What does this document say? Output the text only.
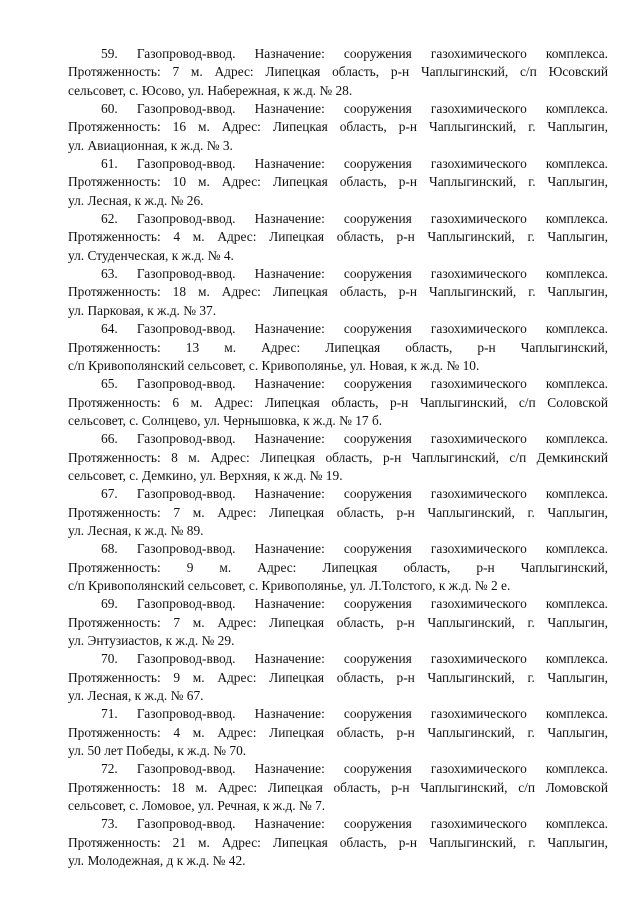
59. Газопровод-ввод. Назначение: сооружения газохимического комплекса.
Протяженность: 7 м. Адрес: Липецкая область, р-н Чаплыгинский, с/п Юсовский
сельсовет, с. Юсово, ул. Набережная, к ж.д. № 28.
60. Газопровод-ввод. Назначение: сооружения газохимического комплекса.
Протяженность: 16 м. Адрес: Липецкая область, р-н Чаплыгинский, г. Чаплыгин,
ул. Авиационная, к ж.д. № 3.
61. Газопровод-ввод. Назначение: сооружения газохимического комплекса.
Протяженность: 10 м. Адрес: Липецкая область, р-н Чаплыгинский, г. Чаплыгин,
ул. Лесная, к ж.д. № 26.
62. Газопровод-ввод. Назначение: сооружения газохимического комплекса.
Протяженность: 4 м. Адрес: Липецкая область, р-н Чаплыгинский, г. Чаплыгин,
ул. Студенческая, к ж.д. № 4.
63. Газопровод-ввод. Назначение: сооружения газохимического комплекса.
Протяженность: 18 м. Адрес: Липецкая область, р-н Чаплыгинский, г. Чаплыгин,
ул. Парковая, к ж.д. № 37.
64. Газопровод-ввод. Назначение: сооружения газохимического комплекса.
Протяженность: 13 м. Адрес: Липецкая область, р-н Чаплыгинский,
с/п Кривополянский сельсовет, с. Кривополянье, ул. Новая, к ж.д. № 10.
65. Газопровод-ввод. Назначение: сооружения газохимического комплекса.
Протяженность: 6 м. Адрес: Липецкая область, р-н Чаплыгинский, с/п Соловской
сельсовет, с. Солнцево, ул. Чернышовка, к ж.д. № 17 б.
66. Газопровод-ввод. Назначение: сооружения газохимического комплекса.
Протяженность: 8 м. Адрес: Липецкая область, р-н Чаплыгинский, с/п Демкинский
сельсовет, с. Демкино, ул. Верхняя, к ж.д. № 19.
67. Газопровод-ввод. Назначение: сооружения газохимического комплекса.
Протяженность: 7 м. Адрес: Липецкая область, р-н Чаплыгинский, г. Чаплыгин,
ул. Лесная, к ж.д. № 89.
68. Газопровод-ввод. Назначение: сооружения газохимического комплекса.
Протяженность: 9 м. Адрес: Липецкая область, р-н Чаплыгинский,
с/п Кривополянский сельсовет, с. Кривополянье, ул. Л.Толстого, к ж.д. № 2 е.
69. Газопровод-ввод. Назначение: сооружения газохимического комплекса.
Протяженность: 7 м. Адрес: Липецкая область, р-н Чаплыгинский, г. Чаплыгин,
ул. Энтузиастов, к ж.д. № 29.
70. Газопровод-ввод. Назначение: сооружения газохимического комплекса.
Протяженность: 9 м. Адрес: Липецкая область, р-н Чаплыгинский, г. Чаплыгин,
ул. Лесная, к ж.д. № 67.
71. Газопровод-ввод. Назначение: сооружения газохимического комплекса.
Протяженность: 4 м. Адрес: Липецкая область, р-н Чаплыгинский, г. Чаплыгин,
ул. 50 лет Победы, к ж.д. № 70.
72. Газопровод-ввод. Назначение: сооружения газохимического комплекса.
Протяженность: 18 м. Адрес: Липецкая область, р-н Чаплыгинский, с/п Ломовской
сельсовет, с. Ломовое, ул. Речная, к ж.д. № 7.
73. Газопровод-ввод. Назначение: сооружения газохимического комплекса.
Протяженность: 21 м. Адрес: Липецкая область, р-н Чаплыгинский, г. Чаплыгин,
ул. Молодежная, д к ж.д. № 42.
